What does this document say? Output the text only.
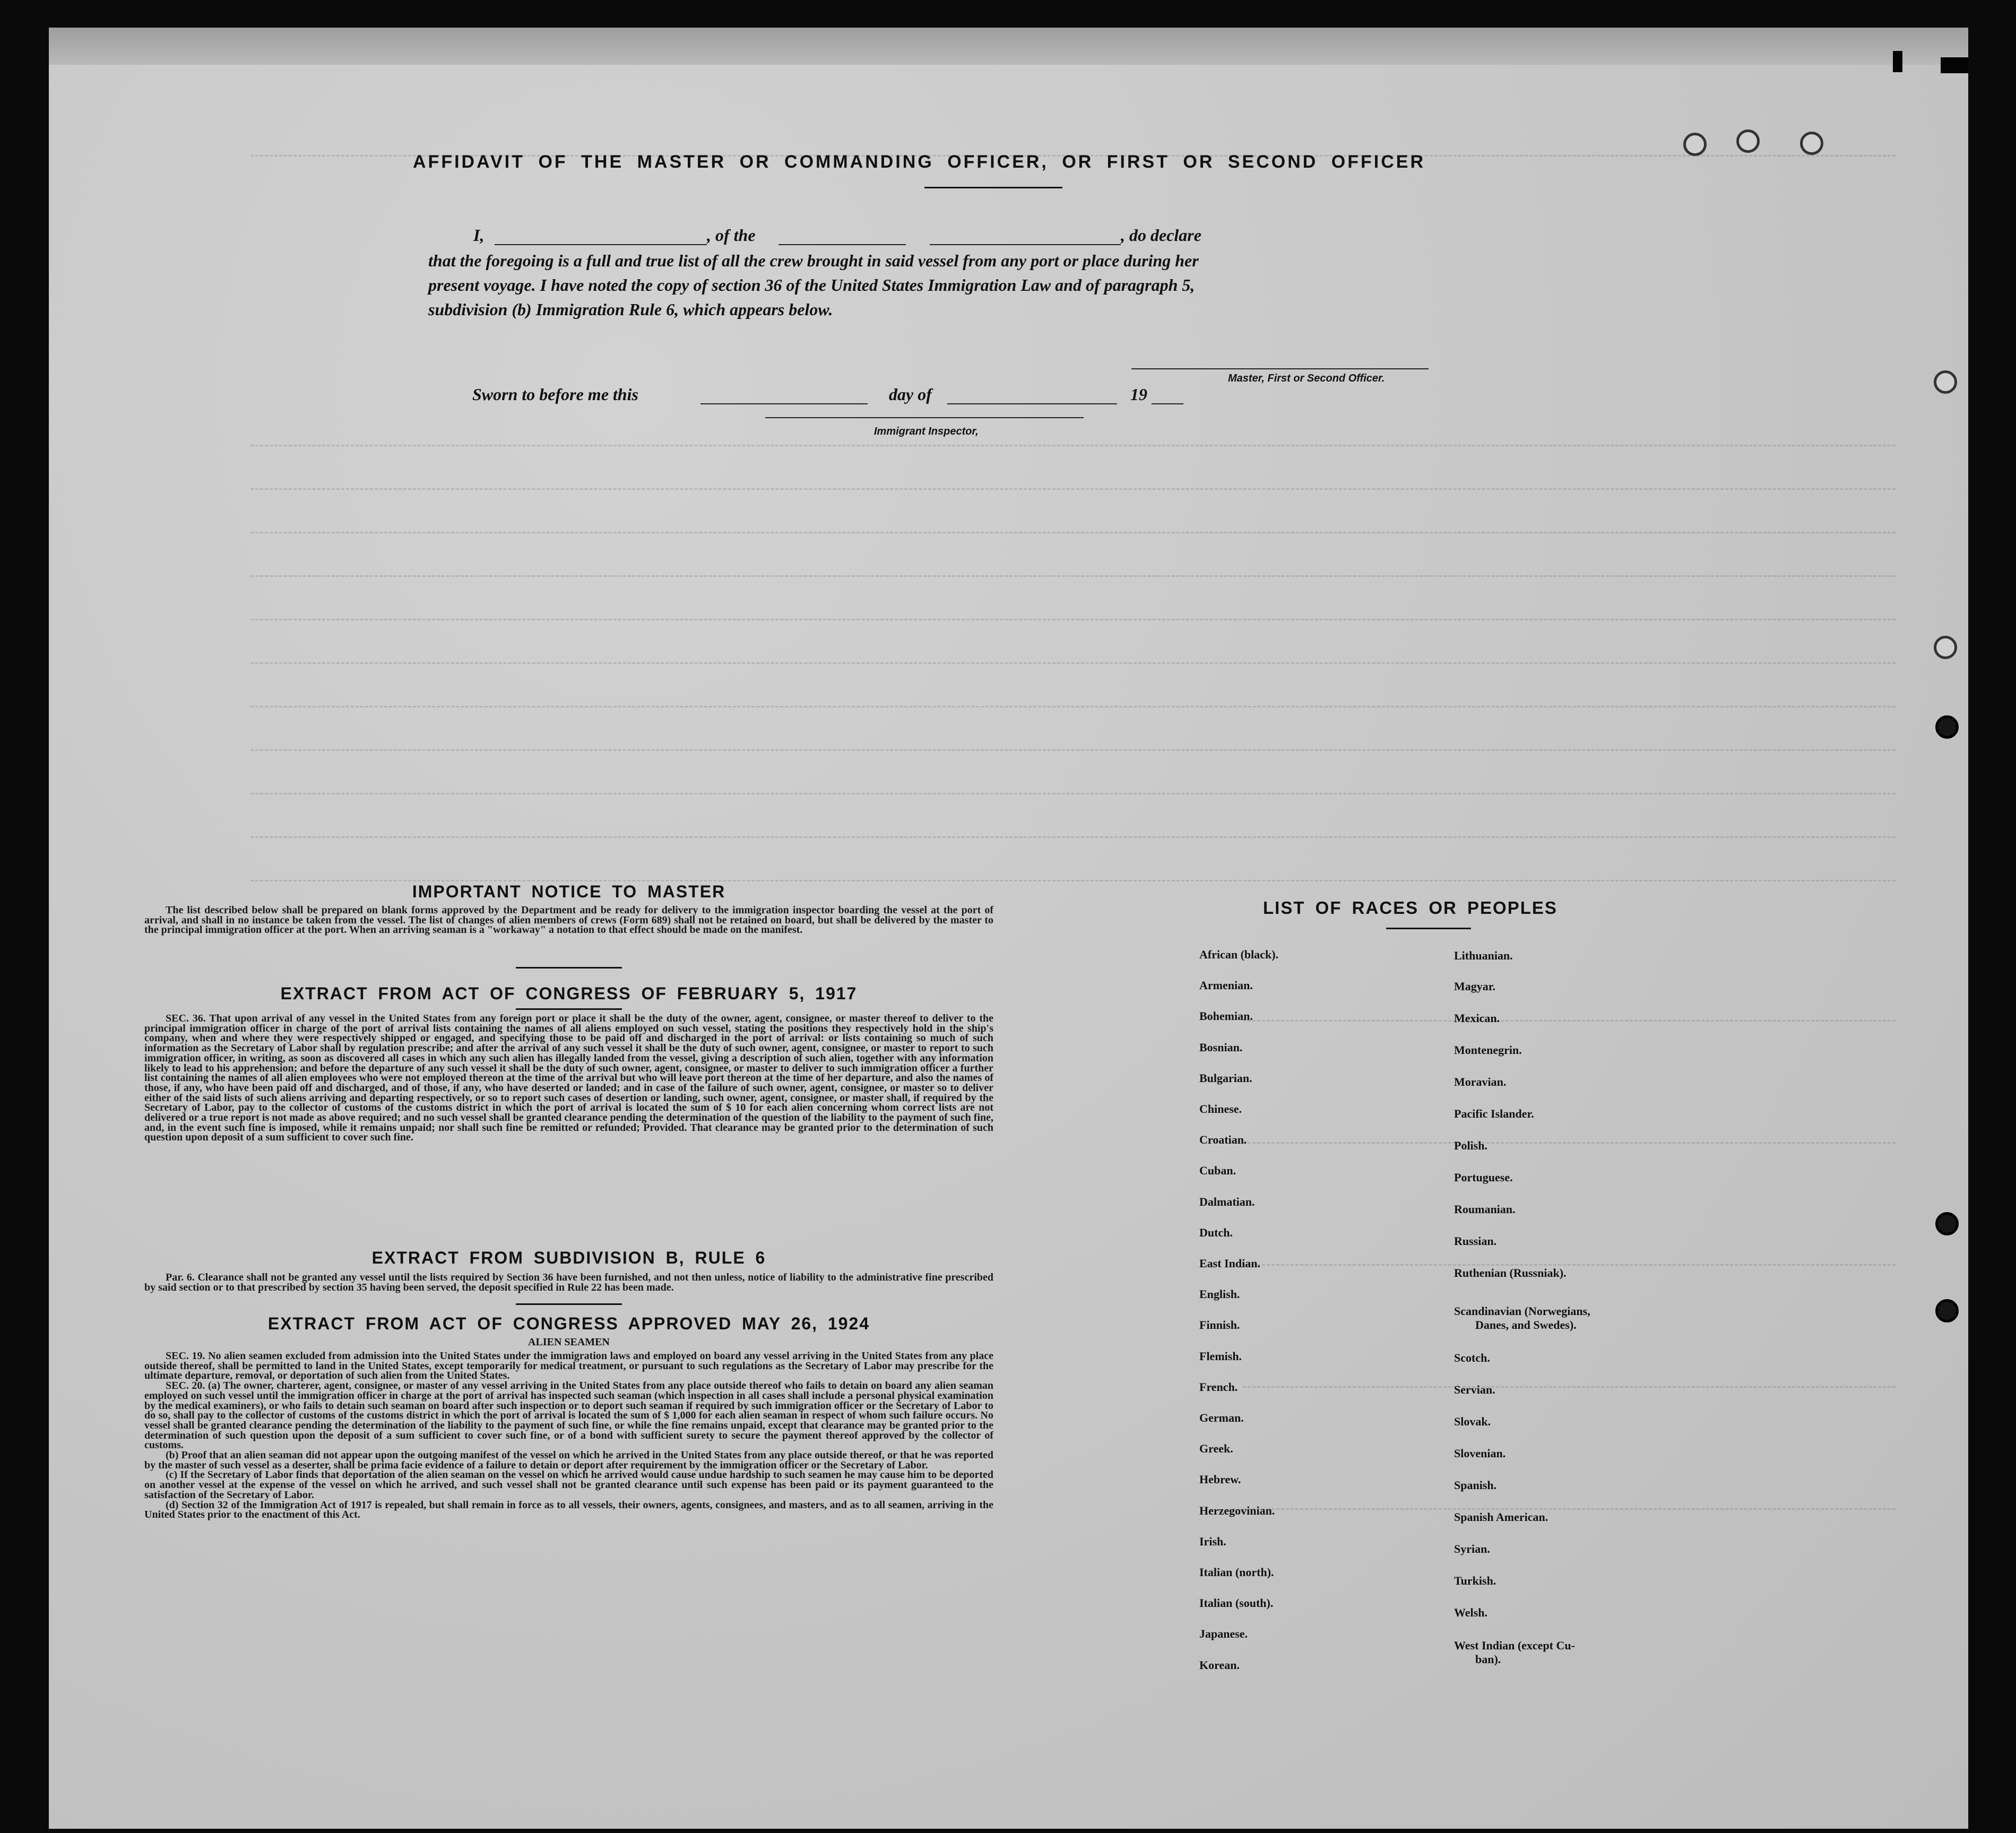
AFFIDAVIT OF THE MASTER OR COMMANDING OFFICER, OR FIRST OR SECOND OFFICER
I,	, of the	, do declare
that the foregoing is a full and true list of all the crew brought in said vessel from any port or place during her
present voyage. I have noted the copy of section 36 of the United States Immigration Law and of paragraph 5,
subdivision (b) Immigration Rule 6, which appears below.
Master, First or Second Officer.
Sworn to before me this	day of	19
Immigrant Inspector,
IMPORTANT NOTICE TO MASTER

The list described below shall be prepared on blank forms approved by the Department and be ready for delivery to the immigration inspector boarding the vessel at the port of arrival, and shall in no instance be taken from the vessel. The list of changes of alien members of crews (Form 689) shall not be retained on board, but shall be delivered by the master to the principal immigration officer at the port. When an arriving seaman is a "workaway" a notation to that effect should be made on the manifest.

EXTRACT FROM ACT OF CONGRESS OF FEBRUARY 5, 1917

SEC. 36. That upon arrival of any vessel in the United States from any foreign port or place it shall be the duty of the owner, agent, consignee, or master thereof to deliver to the principal immigration officer in charge of the port of arrival lists containing the names of all aliens employed on such vessel, stating the positions they respectively hold in the ship's company, when and where they were respectively shipped or engaged, and specifying those to be paid off and discharged in the port of arrival: or lists containing so much of such information as the Secretary of Labor shall by regulation prescribe; and after the arrival of any such vessel it shall be the duty of such owner, agent, consignee, or master to report to such immigration officer, in writing, as soon as discovered all cases in which any such alien has illegally landed from the vessel, giving a description of such alien, together with any information likely to lead to his apprehension; and before the departure of any such vessel it shall be the duty of such owner, agent, consignee, or master to deliver to such immigration officer a further list containing the names of all alien employees who were not employed thereon at the time of the arrival but who will leave port thereon at the time of her departure, and also the names of those, if any, who have been paid off and discharged, and of those, if any, who have deserted or landed; and in case of the failure of such owner, agent, consignee, or master so to deliver either of the said lists of such aliens arriving and departing respectively, or so to report such cases of desertion or landing, such owner, agent, consignee, or master shall, if required by the Secretary of Labor, pay to the collector of customs of the customs district in which the port of arrival is located the sum of $ 10 for each alien concerning whom correct lists are not delivered or a true report is not made as above required; and no such vessel shall be granted clearance pending the determination of the question of the liability to the payment of such fine, and, in the event such fine is imposed, while it remains unpaid; nor shall such fine be remitted or refunded; Provided. That clearance may be granted prior to the determination of such question upon deposit of a sum sufficient to cover such fine.

EXTRACT FROM SUBDIVISION B, RULE 6

Par. 6. Clearance shall not be granted any vessel until the lists required by Section 36 have been furnished, and not then unless, notice of liability to the administrative fine prescribed by said section or to that prescribed by section 35 having been served, the deposit specified in Rule 22 has been made.

EXTRACT FROM ACT OF CONGRESS APPROVED MAY 26, 1924
ALIEN SEAMEN

SEC. 19. No alien seamen excluded from admission into the United States under the immigration laws and employed on board any vessel arriving in the United States from any place outside thereof, shall be permitted to land in the United States, except temporarily for medical treatment, or pursuant to such regulations as the Secretary of Labor may prescribe for the ultimate departure, removal, or deportation of such alien from the United States.

SEC. 20. (a) The owner, charterer, agent, consignee, or master of any vessel arriving in the United States from any place outside thereof who fails to detain on board any alien seaman employed on such vessel until the immigration officer in charge at the port of arrival has inspected such seaman (which inspection in all cases shall include a personal physical examination by the medical examiners), or who fails to detain such seaman on board after such inspection or to deport such seaman if required by such immigration officer or the Secretary of Labor to do so, shall pay to the collector of customs of the customs district in which the port of arrival is located the sum of $ 1,000 for each alien seaman in respect of whom such failure occurs. No vessel shall be granted clearance pending the determination of the liability to the payment of such fine, or while the fine remains unpaid, except that clearance may be granted prior to the determination of such question upon the deposit of a sum sufficient to cover such fine, or of a bond with sufficient surety to secure the payment thereof approved by the collector of customs.

(b) Proof that an alien seaman did not appear upon the outgoing manifest of the vessel on which he arrived in the United States from any place outside thereof, or that he was reported by the master of such vessel as a deserter, shall be prima facie evidence of a failure to detain or deport after requirement by the immigration officer or the Secretary of Labor.

(c) If the Secretary of Labor finds that deportation of the alien seaman on the vessel on which he arrived would cause undue hardship to such seamen he may cause him to be deported on another vessel at the expense of the vessel on which he arrived, and such vessel shall not be granted clearance until such expense has been paid or its payment guaranteed to the satisfaction of the Secretary of Labor.

(d) Section 32 of the Immigration Act of 1917 is repealed, but shall remain in force as to all vessels, their owners, agents, consignees, and masters, and as to all seamen, arriving in the United States prior to the enactment of this Act.

LIST OF RACES OR PEOPLES
African (black).
Armenian.
Bohemian.
Bosnian.
Bulgarian.
Chinese.
Croatian.
Cuban.
Dalmatian.
Dutch.
East Indian.
English.
Finnish.
Flemish.
French.
German.
Greek.
Hebrew.
Herzegovinian.
Irish.
Italian (north).
Italian (south).
Japanese.
Korean.
Lithuanian.
Magyar.
Mexican.
Montenegrin.
Moravian.
Pacific Islander.
Polish.
Portuguese.
Roumanian.
Russian.
Ruthenian (Russniak).
Scandinavian (Norwegians,
Danes, and Swedes).
Scotch.
Servian.
Slovak.
Slovenian.
Spanish.
Spanish American.
Syrian.
Turkish.
Welsh.
West Indian (except Cu-
ban).
